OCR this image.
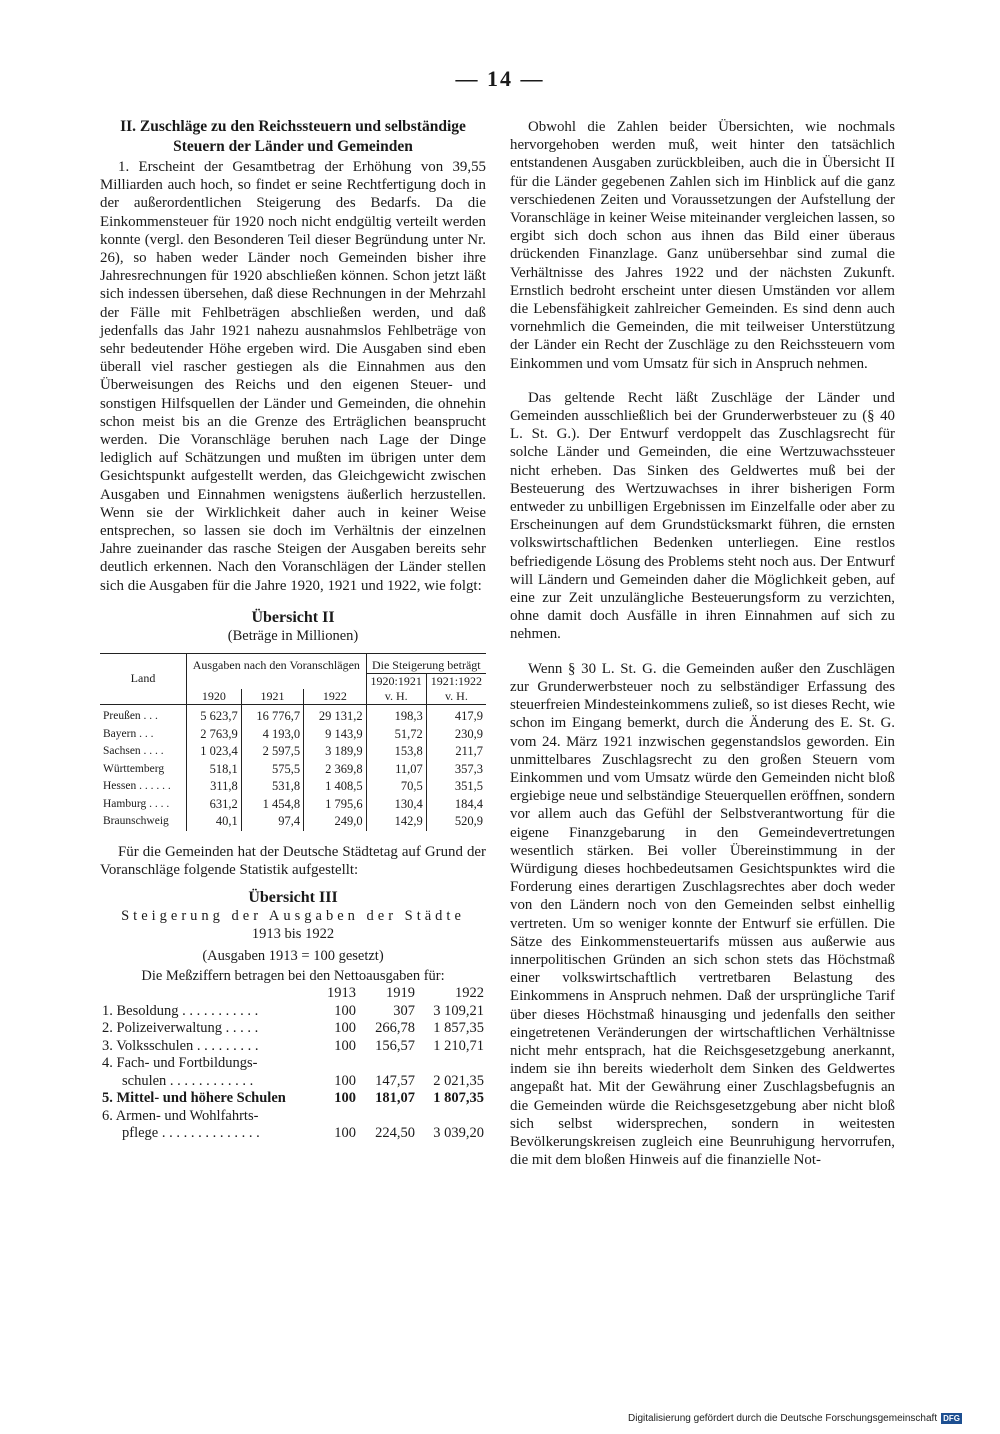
— 14 —

II. Zuschläge zu den Reichssteuern und selbständige

Steuern der Länder und Gemeinden

1. Erscheint der Gesamtbetrag der Erhöhung von 39,55 Milliarden auch hoch, so findet er seine Rechtfertigung doch in der außerordentlichen Steigerung des Bedarfs. Da die Einkommensteuer für 1920 noch nicht endgültig verteilt werden konnte (vergl. den Besonderen Teil dieser Begründung unter Nr. 26), so haben weder Länder noch Gemeinden bisher ihre Jahresrechnungen für 1920 abschließen können. Schon jetzt läßt sich indessen übersehen, daß diese Rechnungen in der Mehrzahl der Fälle mit Fehlbeträgen abschließen werden, und daß jedenfalls das Jahr 1921 nahezu ausnahmslos Fehlbeträge von sehr bedeutender Höhe ergeben wird. Die Ausgaben sind eben überall viel rascher gestiegen als die Einnahmen aus den Überweisungen des Reichs und den eigenen Steuer- und sonstigen Hilfsquellen der Länder und Gemeinden, die ohnehin schon meist bis an die Grenze des Erträglichen beansprucht werden. Die Voranschläge beruhen nach Lage der Dinge lediglich auf Schätzungen und mußten im übrigen unter dem Gesichtspunkt aufgestellt werden, das Gleichgewicht zwischen Ausgaben und Einnahmen wenigstens äußerlich herzustellen. Wenn sie der Wirklichkeit daher auch in keiner Weise entsprechen, so lassen sie doch im Verhältnis der einzelnen Jahre zueinander das rasche Steigen der Ausgaben bereits sehr deutlich erkennen. Nach den Voranschlägen der Länder stellen sich die Ausgaben für die Jahre 1920, 1921 und 1922, wie folgt:

Übersicht II

(Beträge in Millionen)

Land	Ausgaben nach den Voranschlägen			Die Steigerung beträgt	
				1920:1921	1921:1922
	1920	1921	1922	v. H.	v. H.

Preußen . . .	5 623,7	16 776,7	29 131,2	198,3	417,9
Bayern . . .	2 763,9	4 193,0	9 143,9	51,72	230,9
Sachsen . . . .	1 023,4	2 597,5	3 189,9	153,8	211,7
Württemberg	518,1	575,5	2 369,8	11,07	357,3
Hessen . . . . . .	311,8	531,8	1 408,5	70,5	351,5
Hamburg . . . .	631,2	1 454,8	1 795,6	130,4	184,4
Braunschweig	40,1	97,4	249,0	142,9	520,9

Für die Gemeinden hat der Deutsche Städtetag auf Grund der Voranschläge folgende Statistik aufgestellt:

Übersicht III

Steigerung der Ausgaben der Städte

1913 bis 1922

(Ausgaben 1913 = 100 gesetzt)

Die Meßziffern betragen bei den Nettoausgaben für:

	1913	1919	1922
1. Besoldung . . . . . . . . . . .	100	307	3 109,21
2. Polizeiverwaltung . . . . .	100	266,78	1 857,35
3. Volksschulen . . . . . . . . .	100	156,57	1 210,71
4. Fach- und Fortbildungs-			
schulen . . . . . . . . . . . .	100	147,57	2 021,35
5. Mittel- und höhere Schulen	100	181,07	1 807,35
6. Armen- und Wohlfahrts-			
pflege . . . . . . . . . . . . . .	100	224,50	3 039,20

Obwohl die Zahlen beider Übersichten, wie nochmals hervorgehoben werden muß, weit hinter den tatsächlich entstandenen Ausgaben zurückbleiben, auch die in Übersicht II für die Länder gegebenen Zahlen sich im Hinblick auf die ganz verschiedenen Zeiten und Voraussetzungen der Aufstellung der Voranschläge in keiner Weise miteinander vergleichen lassen, so ergibt sich doch schon aus ihnen das Bild einer überaus drückenden Finanzlage. Ganz unübersehbar sind zumal die Verhältnisse des Jahres 1922 und der nächsten Zukunft. Ernstlich bedroht erscheint unter diesen Umständen vor allem die Lebensfähigkeit zahlreicher Gemeinden. Es sind denn auch vornehmlich die Gemeinden, die mit teilweiser Unterstützung der Länder ein Recht der Zuschläge zu den Reichssteuern vom Einkommen und vom Umsatz für sich in Anspruch nehmen.

Das geltende Recht läßt Zuschläge der Länder und Gemeinden ausschließlich bei der Grunderwerbsteuer zu (§ 40 L. St. G.). Der Entwurf verdoppelt das Zuschlagsrecht für solche Länder und Gemeinden, die eine Wertzuwachssteuer nicht erheben. Das Sinken des Geldwertes muß bei der Besteuerung des Wertzuwachses in ihrer bisherigen Form entweder zu unbilligen Ergebnissen im Einzelfalle oder aber zu Erscheinungen auf dem Grundstücksmarkt führen, die ernsten volkswirtschaftlichen Bedenken unterliegen. Eine restlos befriedigende Lösung des Problems steht noch aus. Der Entwurf will Ländern und Gemeinden daher die Möglichkeit geben, auf eine zur Zeit unzulängliche Besteuerungsform zu verzichten, ohne damit doch Ausfälle in ihren Einnahmen auf sich zu nehmen.

Wenn § 30 L. St. G. die Gemeinden außer den Zuschlägen zur Grunderwerbsteuer noch zu selbständiger Erfassung des steuerfreien Mindesteinkommens zuließ, so ist dieses Recht, wie schon im Eingang bemerkt, durch die Änderung des E. St. G. vom 24. März 1921 inzwischen gegenstandslos geworden. Ein unmittelbares Zuschlagsrecht zu den großen Steuern vom Einkommen und vom Umsatz würde den Gemeinden nicht bloß ergiebige neue und selbständige Steuerquellen eröffnen, sondern vor allem auch das Gefühl der Selbstverantwortung für die eigene Finanzgebarung in den Gemeindevertretungen wesentlich stärken. Bei voller Übereinstimmung in der Würdigung dieses hochbedeutsamen Gesichtspunktes wird die Forderung eines derartigen Zuschlagsrechtes aber doch weder von den Ländern noch von den Gemeinden selbst einhellig vertreten. Um so weniger konnte der Entwurf sie erfüllen. Die Sätze des Einkommensteuertarifs müssen aus außerwie aus innerpolitischen Gründen an sich schon stets das Höchstmaß einer volkswirtschaftlich vertretbaren Belastung des Einkommens in Anspruch nehmen. Daß der ursprüngliche Tarif über dieses Höchstmaß hinausging und jedenfalls den seither eingetretenen Veränderungen der wirtschaftlichen Verhältnisse nicht mehr entsprach, hat die Reichsgesetzgebung anerkannt, indem sie ihn bereits wiederholt dem Sinken des Geldwertes angepaßt hat. Mit der Gewährung einer Zuschlagsbefugnis an die Gemeinden würde die Reichsgesetzgebung aber nicht bloß sich selbst widersprechen, sondern in weitesten Bevölkerungskreisen zugleich eine Beunruhigung hervorrufen, die mit dem bloßen Hinweis auf die finanzielle Not-

Digitalisierung gefördert durch die Deutsche Forschungsgemeinschaft DFG
